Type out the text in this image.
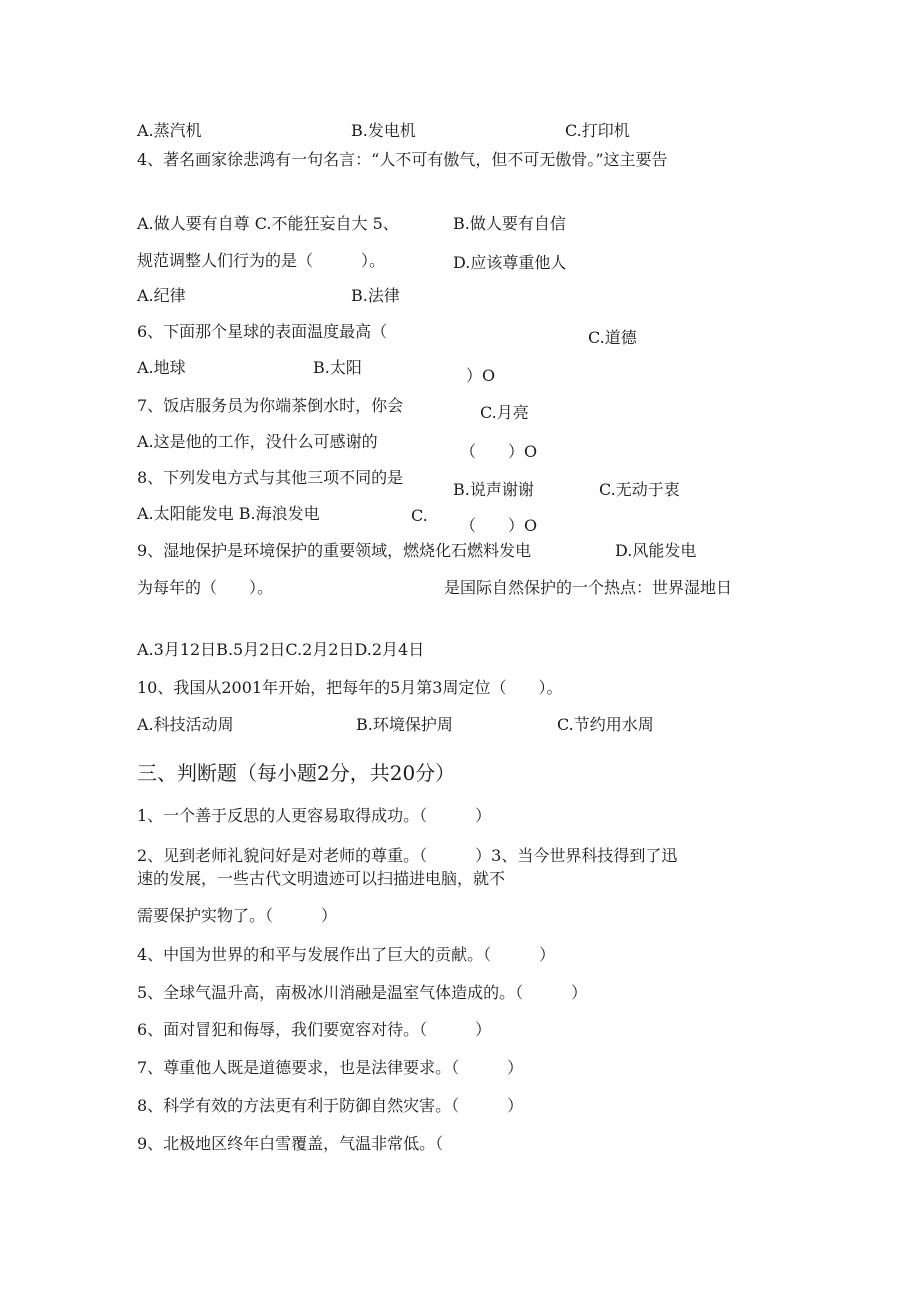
A.蒸汽机	B.发电机	C.打印机
4、著名画家徐悲鸿有一句名言：“人不可有傲气，但不可无傲骨。”这主要告
A.做人要有自尊 C.不能狂妄自大 5、	B.做人要有自信
规范调整人们行为的是（　　　）。	D.应该尊重他人
A.纪律	B.法律
6、下面那个星球的表面温度最高（	C.道德
A.地球	B.太阳	）O
7、饭店服务员为你端茶倒水时，你会	C.月亮
A.这是他的工作，没什么可感谢的
（　　）O
8、下列发电方式与其他三项不同的是
B.说声谢谢	C.无动于衷
A.太阳能发电 B.海浪发电	C.
（　　）O
9、湿地保护是环境保护的重要领域，燃烧化石燃料发电	D.风能发电
为每年的（　　）。	是国际自然保护的一个热点：世界湿地日
A.3月12日B.5月2日C.2月2日D.2月4日
10、我国从2001年开始，把每年的5月第3周定位（　　）。
A.科技活动周	B.环境保护周	C.节约用水周
三、判断题（每小题2分，共20分）
1、一个善于反思的人更容易取得成功。（　　　）
2、见到老师礼貌问好是对老师的尊重。（　　　）3、当今世界科技得到了迅
速的发展，一些古代文明遗迹可以扫描进电脑，就不
需要保护实物了。（　　　）
4、中国为世界的和平与发展作出了巨大的贡献。（　　　）
5、全球气温升高，南极冰川消融是温室气体造成的。（　　　）
6、面对冒犯和侮辱，我们要宽容对待。（　　　）
7、尊重他人既是道德要求，也是法律要求。（　　　）
8、科学有效的方法更有利于防御自然灾害。（　　　）
9、北极地区终年白雪覆盖，气温非常低。（
